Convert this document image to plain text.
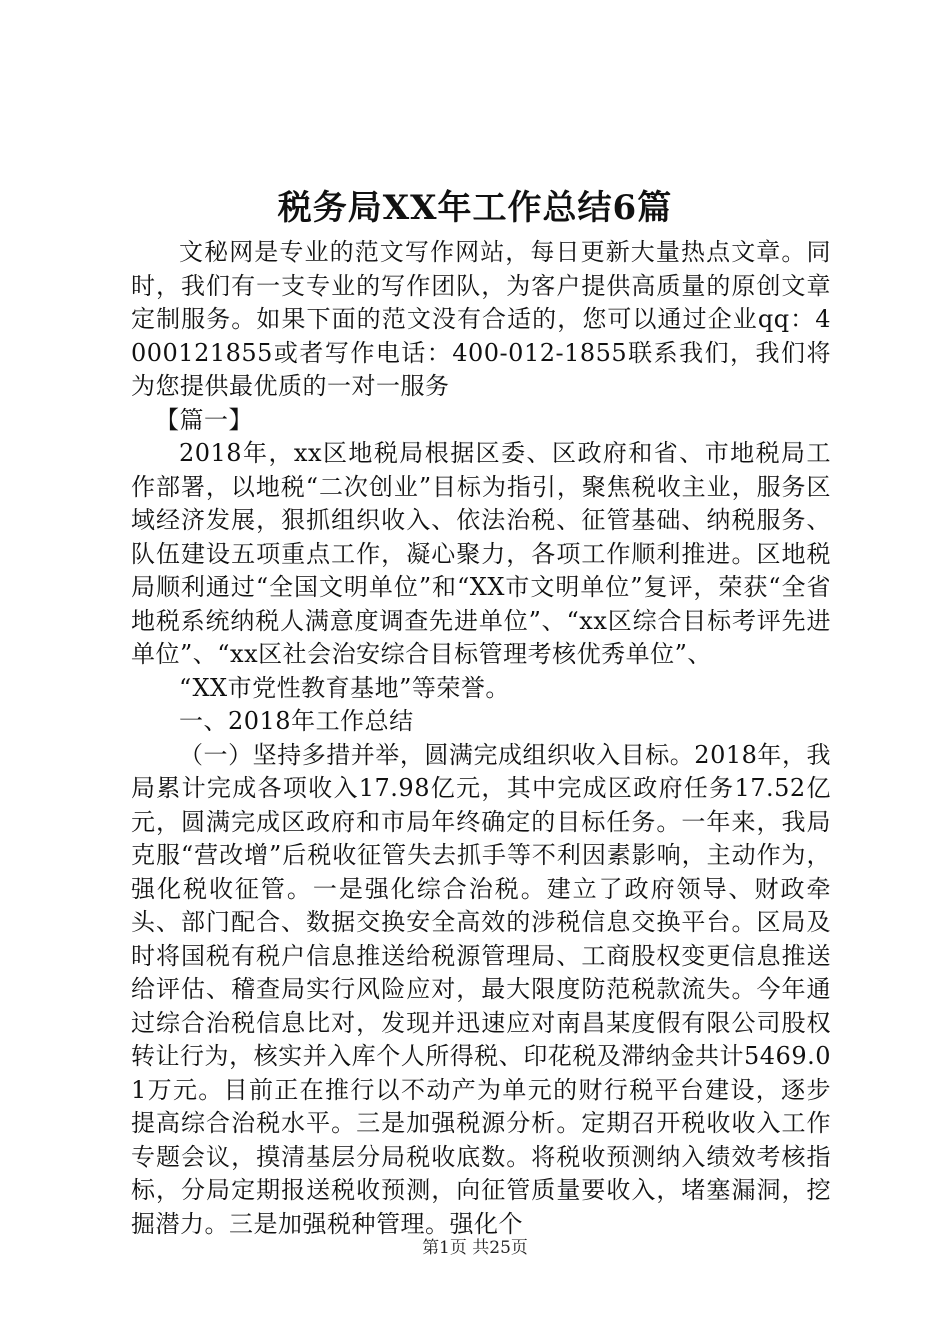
税务局XX年工作总结6篇

文秘网是专业的范文写作网站，每日更新大量热点文章。同时，我们有一支专业的写作团队，为客户提供高质量的原创文章定制服务。如果下面的范文没有合适的，您可以通过企业qq：4000121855或者写作电话：400-012-1855联系我们，我们将为您提供最优质的一对一服务

【篇一】

2018年，xx区地税局根据区委、区政府和省、市地税局工作部署，以地税“二次创业”目标为指引，聚焦税收主业，服务区域经济发展，狠抓组织收入、依法治税、征管基础、纳税服务、队伍建设五项重点工作，凝心聚力，各项工作顺利推进。区地税局顺利通过“全国文明单位”和“XX市文明单位”复评，荣获“全省地税系统纳税人满意度调查先进单位”、“xx区综合目标考评先进单位”、“xx区社会治安综合目标管理考核优秀单位”、

“XX市党性教育基地”等荣誉。

一、2018年工作总结

（一）坚持多措并举，圆满完成组织收入目标。2018年，我局累计完成各项收入17.98亿元，其中完成区政府任务17.52亿元，圆满完成区政府和市局年终确定的目标任务。一年来，我局克服“营改增”后税收征管失去抓手等不利因素影响，主动作为，强化税收征管。一是强化综合治税。建立了政府领导、财政牵头、部门配合、数据交换安全高效的涉税信息交换平台。区局及时将国税有税户信息推送给税源管理局、工商股权变更信息推送给评估、稽查局实行风险应对，最大限度防范税款流失。今年通过综合治税信息比对，发现并迅速应对南昌某度假有限公司股权转让行为，核实并入库个人所得税、印花税及滞纳金共计5469.01万元。目前正在推行以不动产为单元的财行税平台建设，逐步提高综合治税水平。三是加强税源分析。定期召开税收收入工作专题会议，摸清基层分局税收底数。将税收预测纳入绩效考核指标，分局定期报送税收预测，向征管质量要收入，堵塞漏洞，挖掘潜力。三是加强税种管理。强化个

第1页 共25页
